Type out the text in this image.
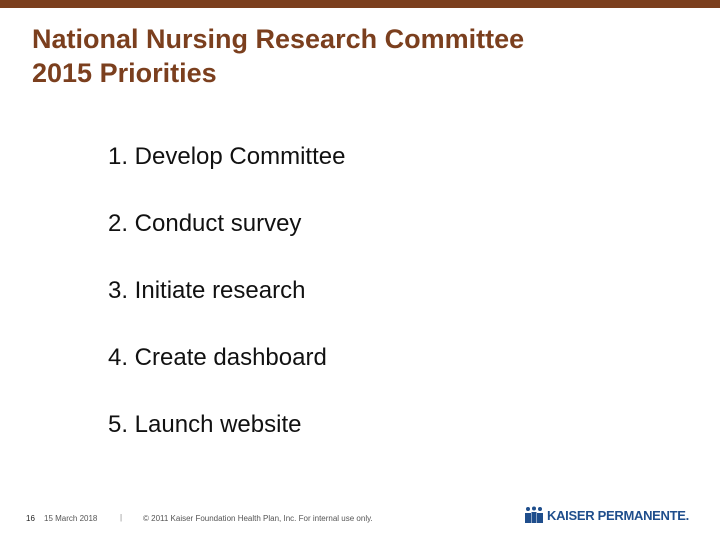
National Nursing Research Committee
2015 Priorities
1. Develop Committee
2. Conduct survey
3. Initiate research
4. Create dashboard
5. Launch website
16 15 March 2018	|	© 2011 Kaiser Foundation Health Plan, Inc. For internal use only.	KAISER PERMANENTE.
